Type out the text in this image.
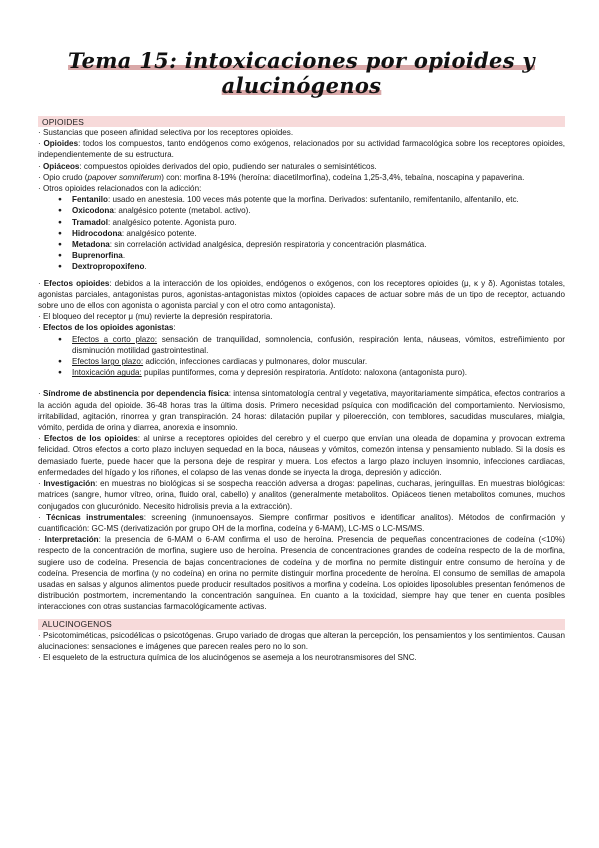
Tema 15: intoxicaciones por opioides y alucinógenos
OPIOIDES

· Sustancias que poseen afinidad selectiva por los receptores opioides.

· Opioides: todos los compuestos, tanto endógenos como exógenos, relacionados por su actividad farmacológica sobre los receptores opioides, independientemente de su estructura.

· Opiáceos: compuestos opioides derivados del opio, pudiendo ser naturales o semisintéticos.

· Opio crudo (papover somniferum) con: morfina 8-19% (heroína: diacetilmorfina), codeína 1,25-3,4%, tebaína, noscapina y papaverina.

· Otros opioides relacionados con la adicción:

● Fentanilo: usado en anestesia. 100 veces más potente que la morfina. Derivados: sufentanilo, remifentanilo, alfentanilo, etc.
● Oxicodona: analgésico potente (metabol. activo).
● Tramadol: analgésico potente. Agonista puro.
● Hidrocodona: analgésico potente.
● Metadona: sin correlación actividad analgésica, depresión respiratoria y concentración plasmática.
● Buprenorfina.
● Dextropropoxifeno.

· Efectos opioides: debidos a la interacción de los opioides, endógenos o exógenos, con los receptores opioides (μ, κ y δ). Agonistas totales, agonistas parciales, antagonistas puros, agonistas-antagonistas mixtos (opioides capaces de actuar sobre más de un tipo de receptor, actuando sobre uno de ellos con agonista o agonista parcial y con el otro como antagonista).

· El bloqueo del receptor μ (mu) revierte la depresión respiratoria.

· Efectos de los opioides agonistas:

● Efectos a corto plazo: sensación de tranquilidad, somnolencia, confusión, respiración lenta, náuseas, vómitos, estreñimiento por disminución motilidad gastrointestinal.
● Efectos largo plazo: adicción, infecciones cardiacas y pulmonares, dolor muscular.
● Intoxicación aguda: pupilas puntiformes, coma y depresión respiratoria. Antídoto: naloxona (antagonista puro).

· Síndrome de abstinencia por dependencia física: intensa sintomatología central y vegetativa, mayoritariamente simpática, efectos contrarios a la acción aguda del opioide. 36-48 horas tras la última dosis. Primero necesidad psíquica con modificación del comportamiento. Nerviosismo, irritabilidad, agitación, rinorrea y gran transpiración. 24 horas: dilatación pupilar y piloerección, con temblores, sacudidas musculares, mialgia, vómito, perdida de orina y diarrea, anorexia e insomnio.

· Efectos de los opioides: al unirse a receptores opioides del cerebro y el cuerpo que envían una oleada de dopamina y provocan extrema felicidad. Otros efectos a corto plazo incluyen sequedad en la boca, náuseas y vómitos, comezón intensa y pensamiento nublado. Si la dosis es demasiado fuerte, puede hacer que la persona deje de respirar y muera. Los efectos a largo plazo incluyen insomnio, infecciones cardiacas, enfermedades del hígado y los riñones, el colapso de las venas donde se inyecta la droga, depresión y adicción.

· Investigación: en muestras no biológicas si se sospecha reacción adversa a drogas: papelinas, cucharas, jeringuillas. En muestras biológicas: matrices (sangre, humor vítreo, orina, fluido oral, cabello) y analitos (generalmente metabolitos. Opiáceos tienen metabolitos comunes, muchos conjugados con glucurónido. Necesito hidrolisis previa a la extracción).

· Técnicas instrumentales: screening (inmunoensayos. Siempre confirmar positivos e identificar analitos). Métodos de confirmación y cuantificación: GC-MS (derivatización por grupo OH de la morfina, codeína y 6-MAM), LC-MS o LC-MS/MS.

· Interpretación: la presencia de 6-MAM o 6-AM confirma el uso de heroína. Presencia de pequeñas concentraciones de codeína (<10%) respecto de la concentración de morfina, sugiere uso de heroína. Presencia de concentraciones grandes de codeína respecto de la de morfina, sugiere uso de codeína. Presencia de bajas concentraciones de codeína y de morfina no permite distinguir entre consumo de heroína y de codeína. Presencia de morfina (y no codeína) en orina no permite distinguir morfina procedente de heroína. El consumo de semillas de amapola usadas en salsas y algunos alimentos puede producir resultados positivos a morfina y codeína. Los opioides liposolubles presentan fenómenos de distribución postmortem, incrementando la concentración sanguínea. En cuanto a la toxicidad, siempre hay que tener en cuenta posibles interacciones con otras sustancias farmacológicamente activas.

ALUCINOGENOS

· Psicotomiméticas, psicodélicas o psicotógenas. Grupo variado de drogas que alteran la percepción, los pensamientos y los sentimientos. Causan alucinaciones: sensaciones e imágenes que parecen reales pero no lo son.

· El esqueleto de la estructura química de los alucinógenos se asemeja a los neurotransmisores del SNC.
